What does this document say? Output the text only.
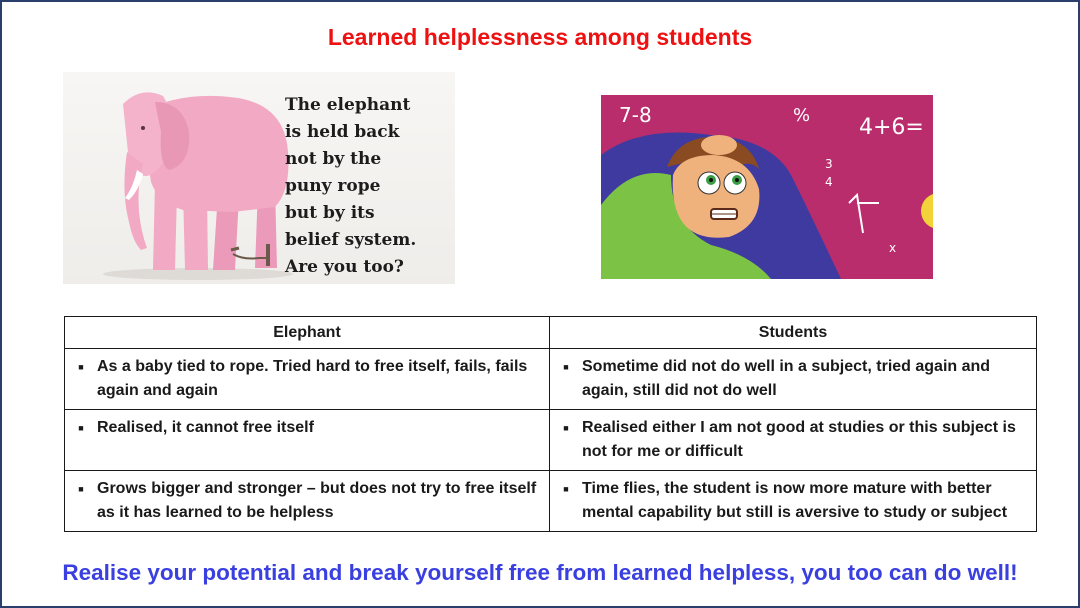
Learned helplessness among students
The elephant
is held back
not by the
puny rope
but by its
belief system.
Are you too?
7-8	% 4+6=
3
4
x
Elephant	Students

■ As a baby tied to rope. Tried hard to free itself, fails, fails again and again	■ Sometime did not do well in a subject, tried again and again, still did not do well

■ Realised, it cannot free itself	■ Realised either I am not good at studies or this subject is not for me or difficult

■ Grows bigger and stronger – but does not try to free itself as it has learned to be helpless	■ Time flies, the student is now more mature with better mental capability but still is aversive to study or subject
Realise your potential and break yourself free from learned helpless, you too can do well!
